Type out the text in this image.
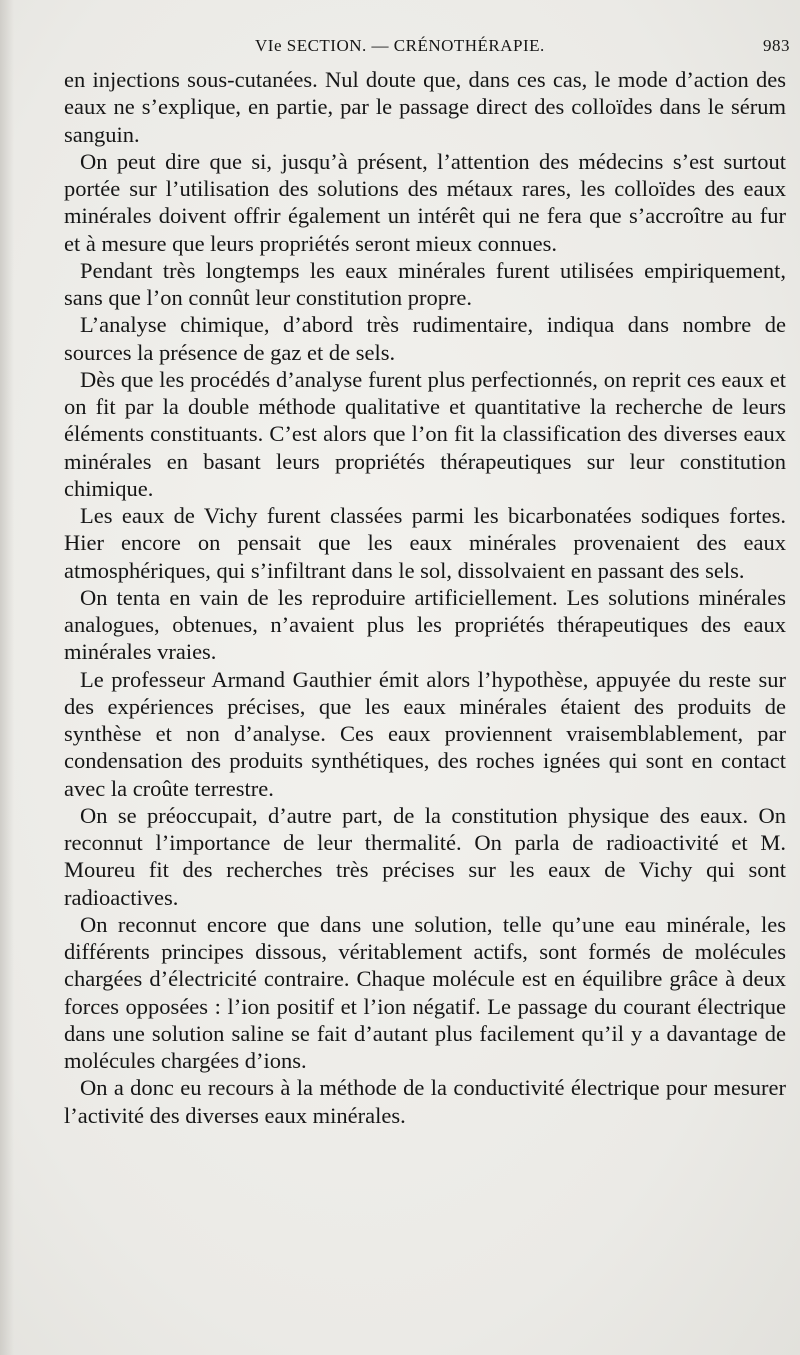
VIe SECTION. — CRÉNOTHÉRAPIE.	983

en injections sous-cutanées. Nul doute que, dans ces cas, le mode d’action des eaux ne s’explique, en partie, par le passage direct des colloïdes dans le sérum sanguin.

On peut dire que si, jusqu’à présent, l’attention des médecins s’est surtout portée sur l’utilisation des solutions des métaux rares, les colloïdes des eaux minérales doivent offrir également un intérêt qui ne fera que s’accroître au fur et à mesure que leurs propriétés seront mieux connues.

Pendant très longtemps les eaux minérales furent utilisées empiriquement, sans que l’on connût leur constitution propre.

L’analyse chimique, d’abord très rudimentaire, indiqua dans nombre de sources la présence de gaz et de sels.

Dès que les procédés d’analyse furent plus perfectionnés, on reprit ces eaux et on fit par la double méthode qualitative et quantitative la recherche de leurs éléments constituants. C’est alors que l’on fit la classification des diverses eaux minérales en basant leurs propriétés thérapeutiques sur leur constitution chimique.

Les eaux de Vichy furent classées parmi les bicarbonatées sodiques fortes. Hier encore on pensait que les eaux minérales provenaient des eaux atmosphériques, qui s’infiltrant dans le sol, dissolvaient en passant des sels.

On tenta en vain de les reproduire artificiellement. Les solutions minérales analogues, obtenues, n’avaient plus les propriétés thérapeutiques des eaux minérales vraies.

Le professeur Armand Gauthier émit alors l’hypothèse, appuyée du reste sur des expériences précises, que les eaux minérales étaient des produits de synthèse et non d’analyse. Ces eaux proviennent vraisemblablement, par condensation des produits synthétiques, des roches ignées qui sont en contact avec la croûte terrestre.

On se préoccupait, d’autre part, de la constitution physique des eaux. On reconnut l’importance de leur thermalité. On parla de radioactivité et M. Moureu fit des recherches très précises sur les eaux de Vichy qui sont radioactives.

On reconnut encore que dans une solution, telle qu’une eau minérale, les différents principes dissous, véritablement actifs, sont formés de molécules chargées d’électricité contraire. Chaque molécule est en équilibre grâce à deux forces opposées : l’ion positif et l’ion négatif. Le passage du courant électrique dans une solution saline se fait d’autant plus facilement qu’il y a davantage de molécules chargées d’ions.

On a donc eu recours à la méthode de la conductivité électrique pour mesurer l’activité des diverses eaux minérales.
